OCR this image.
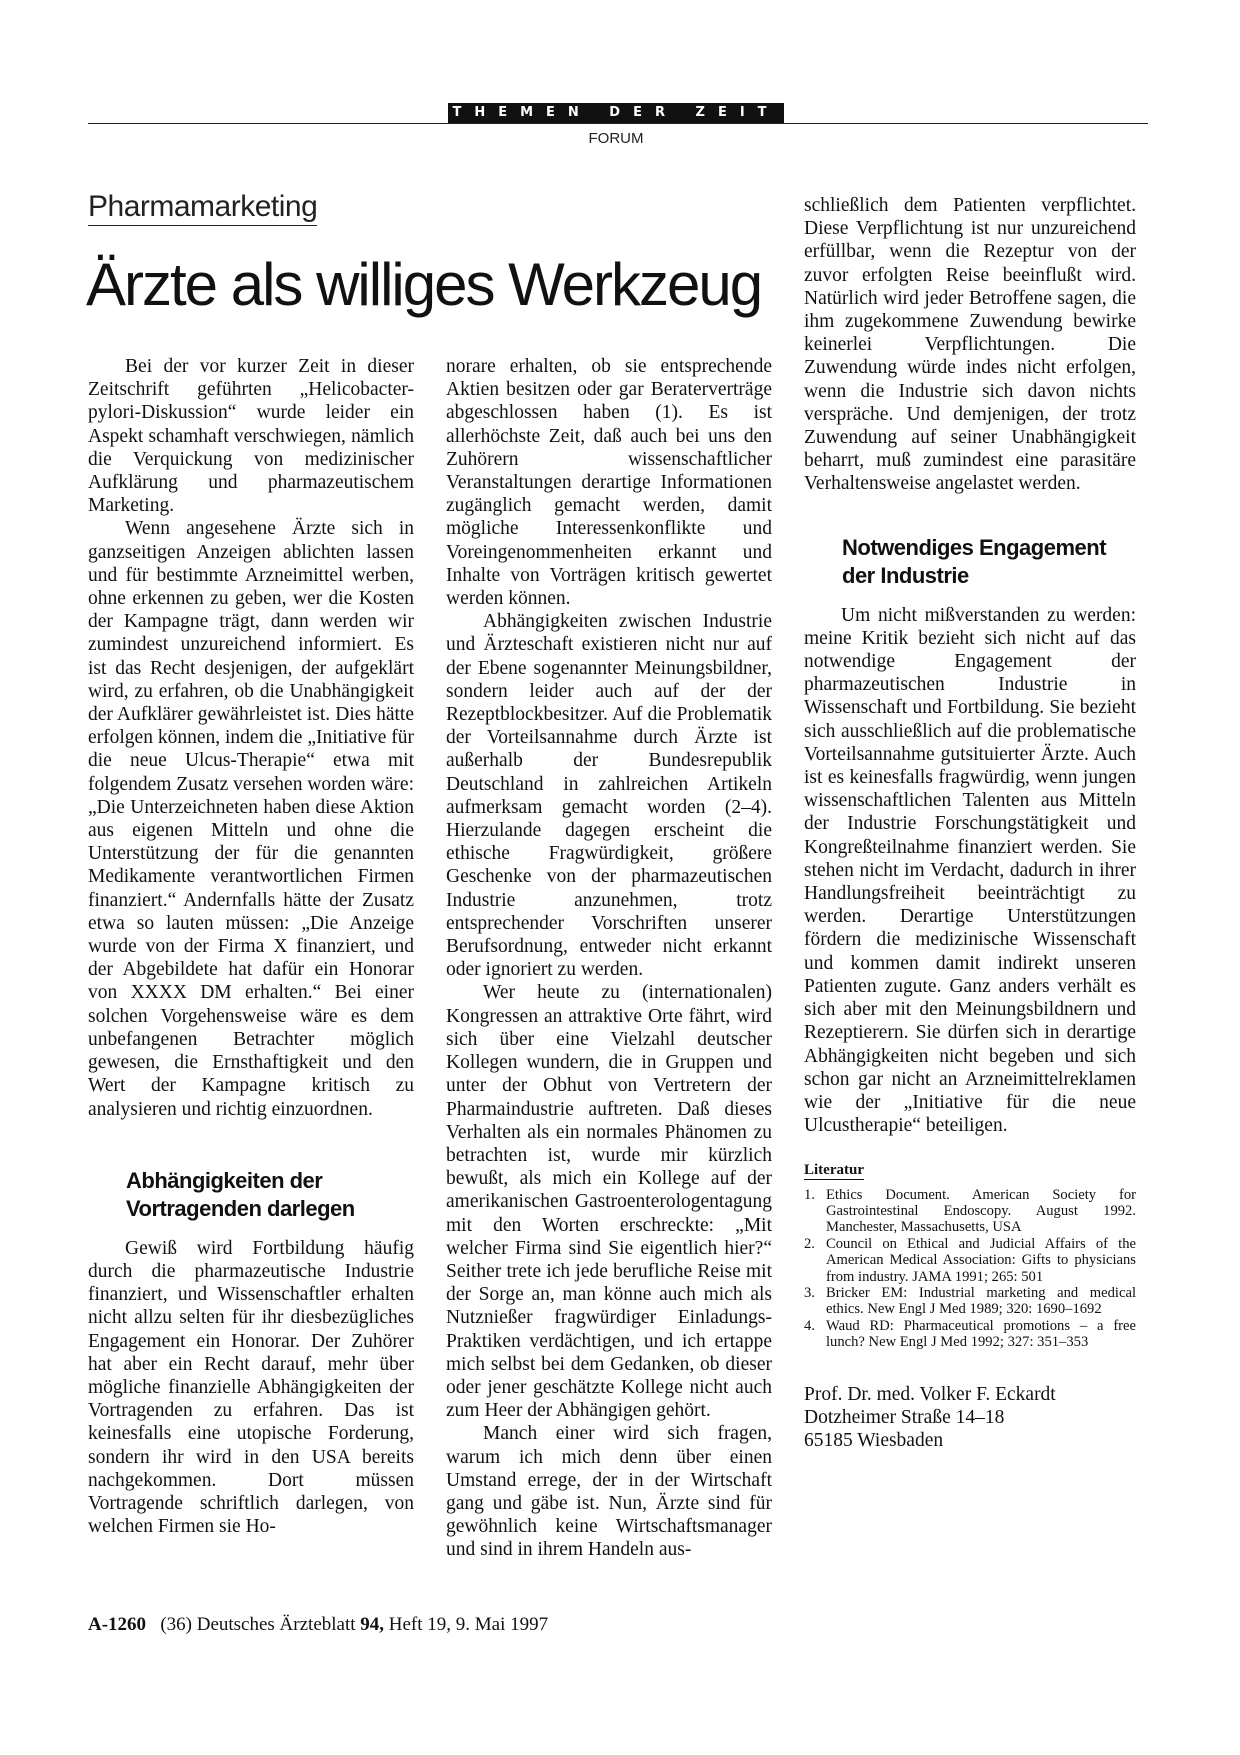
THEMEN DER ZEIT
FORUM
Pharmamarketing
Ärzte als williges Werkzeug

Bei der vor kurzer Zeit in dieser Zeitschrift geführten „Helicobacter-pylori-Diskussion“ wurde leider ein Aspekt schamhaft verschwiegen, nämlich die Verquickung von medizinischer Aufklärung und pharmazeutischem Marketing.

Wenn angesehene Ärzte sich in ganzseitigen Anzeigen ablichten lassen und für bestimmte Arzneimittel werben, ohne erkennen zu geben, wer die Kosten der Kampagne trägt, dann werden wir zumindest unzureichend informiert. Es ist das Recht desjenigen, der aufgeklärt wird, zu erfahren, ob die Unabhängigkeit der Aufklärer gewährleistet ist. Dies hätte erfolgen können, indem die „Initiative für die neue Ulcus-Therapie“ etwa mit folgendem Zusatz versehen worden wäre: „Die Unterzeichneten haben diese Aktion aus eigenen Mitteln und ohne die Unterstützung der für die genannten Medikamente verantwortlichen Firmen finanziert.“ Andernfalls hätte der Zusatz etwa so lauten müssen: „Die Anzeige wurde von der Firma X finanziert, und der Abgebildete hat dafür ein Honorar von XXXX DM erhalten.“ Bei einer solchen Vorgehensweise wäre es dem unbefangenen Betrachter möglich gewesen, die Ernsthaftigkeit und den Wert der Kampagne kritisch zu analysieren und richtig einzuordnen.

Abhängigkeiten der Vortragenden darlegen

Gewiß wird Fortbildung häufig durch die pharmazeutische Industrie finanziert, und Wissenschaftler erhalten nicht allzu selten für ihr diesbezügliches Engagement ein Honorar. Der Zuhörer hat aber ein Recht darauf, mehr über mögliche finanzielle Abhängigkeiten der Vortragenden zu erfahren. Das ist keinesfalls eine utopische Forderung, sondern ihr wird in den USA bereits nachgekommen. Dort müssen Vortragende schriftlich darlegen, von welchen Firmen sie Ho-

norare erhalten, ob sie entsprechende Aktien besitzen oder gar Beraterverträge abgeschlossen haben (1). Es ist allerhöchste Zeit, daß auch bei uns den Zuhörern wissenschaftlicher Veranstaltungen derartige Informationen zugänglich gemacht werden, damit mögliche Interessenkonflikte und Voreingenommenheiten erkannt und Inhalte von Vorträgen kritisch gewertet werden können.

Abhängigkeiten zwischen Industrie und Ärzteschaft existieren nicht nur auf der Ebene sogenannter Meinungsbildner, sondern leider auch auf der der Rezeptblockbesitzer. Auf die Problematik der Vorteilsannahme durch Ärzte ist außerhalb der Bundesrepublik Deutschland in zahlreichen Artikeln aufmerksam gemacht worden (2–4). Hierzulande dagegen erscheint die ethische Fragwürdigkeit, größere Geschenke von der pharmazeutischen Industrie anzunehmen, trotz entsprechender Vorschriften unserer Berufsordnung, entweder nicht erkannt oder ignoriert zu werden.

Wer heute zu (internationalen) Kongressen an attraktive Orte fährt, wird sich über eine Vielzahl deutscher Kollegen wundern, die in Gruppen und unter der Obhut von Vertretern der Pharmaindustrie auftreten. Daß dieses Verhalten als ein normales Phänomen zu betrachten ist, wurde mir kürzlich bewußt, als mich ein Kollege auf der amerikanischen Gastroenterologentagung mit den Worten erschreckte: „Mit welcher Firma sind Sie eigentlich hier?“ Seither trete ich jede berufliche Reise mit der Sorge an, man könne auch mich als Nutznießer fragwürdiger Einladungs-Praktiken verdächtigen, und ich ertappe mich selbst bei dem Gedanken, ob dieser oder jener geschätzte Kollege nicht auch zum Heer der Abhängigen gehört.

Manch einer wird sich fragen, warum ich mich denn über einen Umstand errege, der in der Wirtschaft gang und gäbe ist. Nun, Ärzte sind für gewöhnlich keine Wirtschaftsmanager und sind in ihrem Handeln aus-

schließlich dem Patienten verpflichtet. Diese Verpflichtung ist nur unzureichend erfüllbar, wenn die Rezeptur von der zuvor erfolgten Reise beeinflußt wird. Natürlich wird jeder Betroffene sagen, die ihm zugekommene Zuwendung bewirke keinerlei Verpflichtungen. Die Zuwendung würde indes nicht erfolgen, wenn die Industrie sich davon nichts verspräche. Und demjenigen, der trotz Zuwendung auf seiner Unabhängigkeit beharrt, muß zumindest eine parasitäre Verhaltensweise angelastet werden.

Notwendiges Engagement der Industrie

Um nicht mißverstanden zu werden: meine Kritik bezieht sich nicht auf das notwendige Engagement der pharmazeutischen Industrie in Wissenschaft und Fortbildung. Sie bezieht sich ausschließlich auf die problematische Vorteilsannahme gutsituierter Ärzte. Auch ist es keinesfalls fragwürdig, wenn jungen wissenschaftlichen Talenten aus Mitteln der Industrie Forschungstätigkeit und Kongreßteilnahme finanziert werden. Sie stehen nicht im Verdacht, dadurch in ihrer Handlungsfreiheit beeinträchtigt zu werden. Derartige Unterstützungen fördern die medizinische Wissenschaft und kommen damit indirekt unseren Patienten zugute. Ganz anders verhält es sich aber mit den Meinungsbildnern und Rezeptierern. Sie dürfen sich in derartige Abhängigkeiten nicht begeben und sich schon gar nicht an Arzneimittelreklamen wie der „Initiative für die neue Ulcustherapie“ beteiligen.

Literatur
1. Ethics Document. American Society for Gastrointestinal Endoscopy. August 1992. Manchester, Massachusetts, USA
2. Council on Ethical and Judicial Affairs of the American Medical Association: Gifts to physicians from industry. JAMA 1991; 265: 501
3. Bricker EM: Industrial marketing and medical ethics. New Engl J Med 1989; 320: 1690–1692
4. Waud RD: Pharmaceutical promotions – a free lunch? New Engl J Med 1992; 327: 351–353
Prof. Dr. med. Volker F. Eckardt
Dotzheimer Straße 14–18
65185 Wiesbaden
A-1260 (36) Deutsches Ärzteblatt 94, Heft 19, 9. Mai 1997
